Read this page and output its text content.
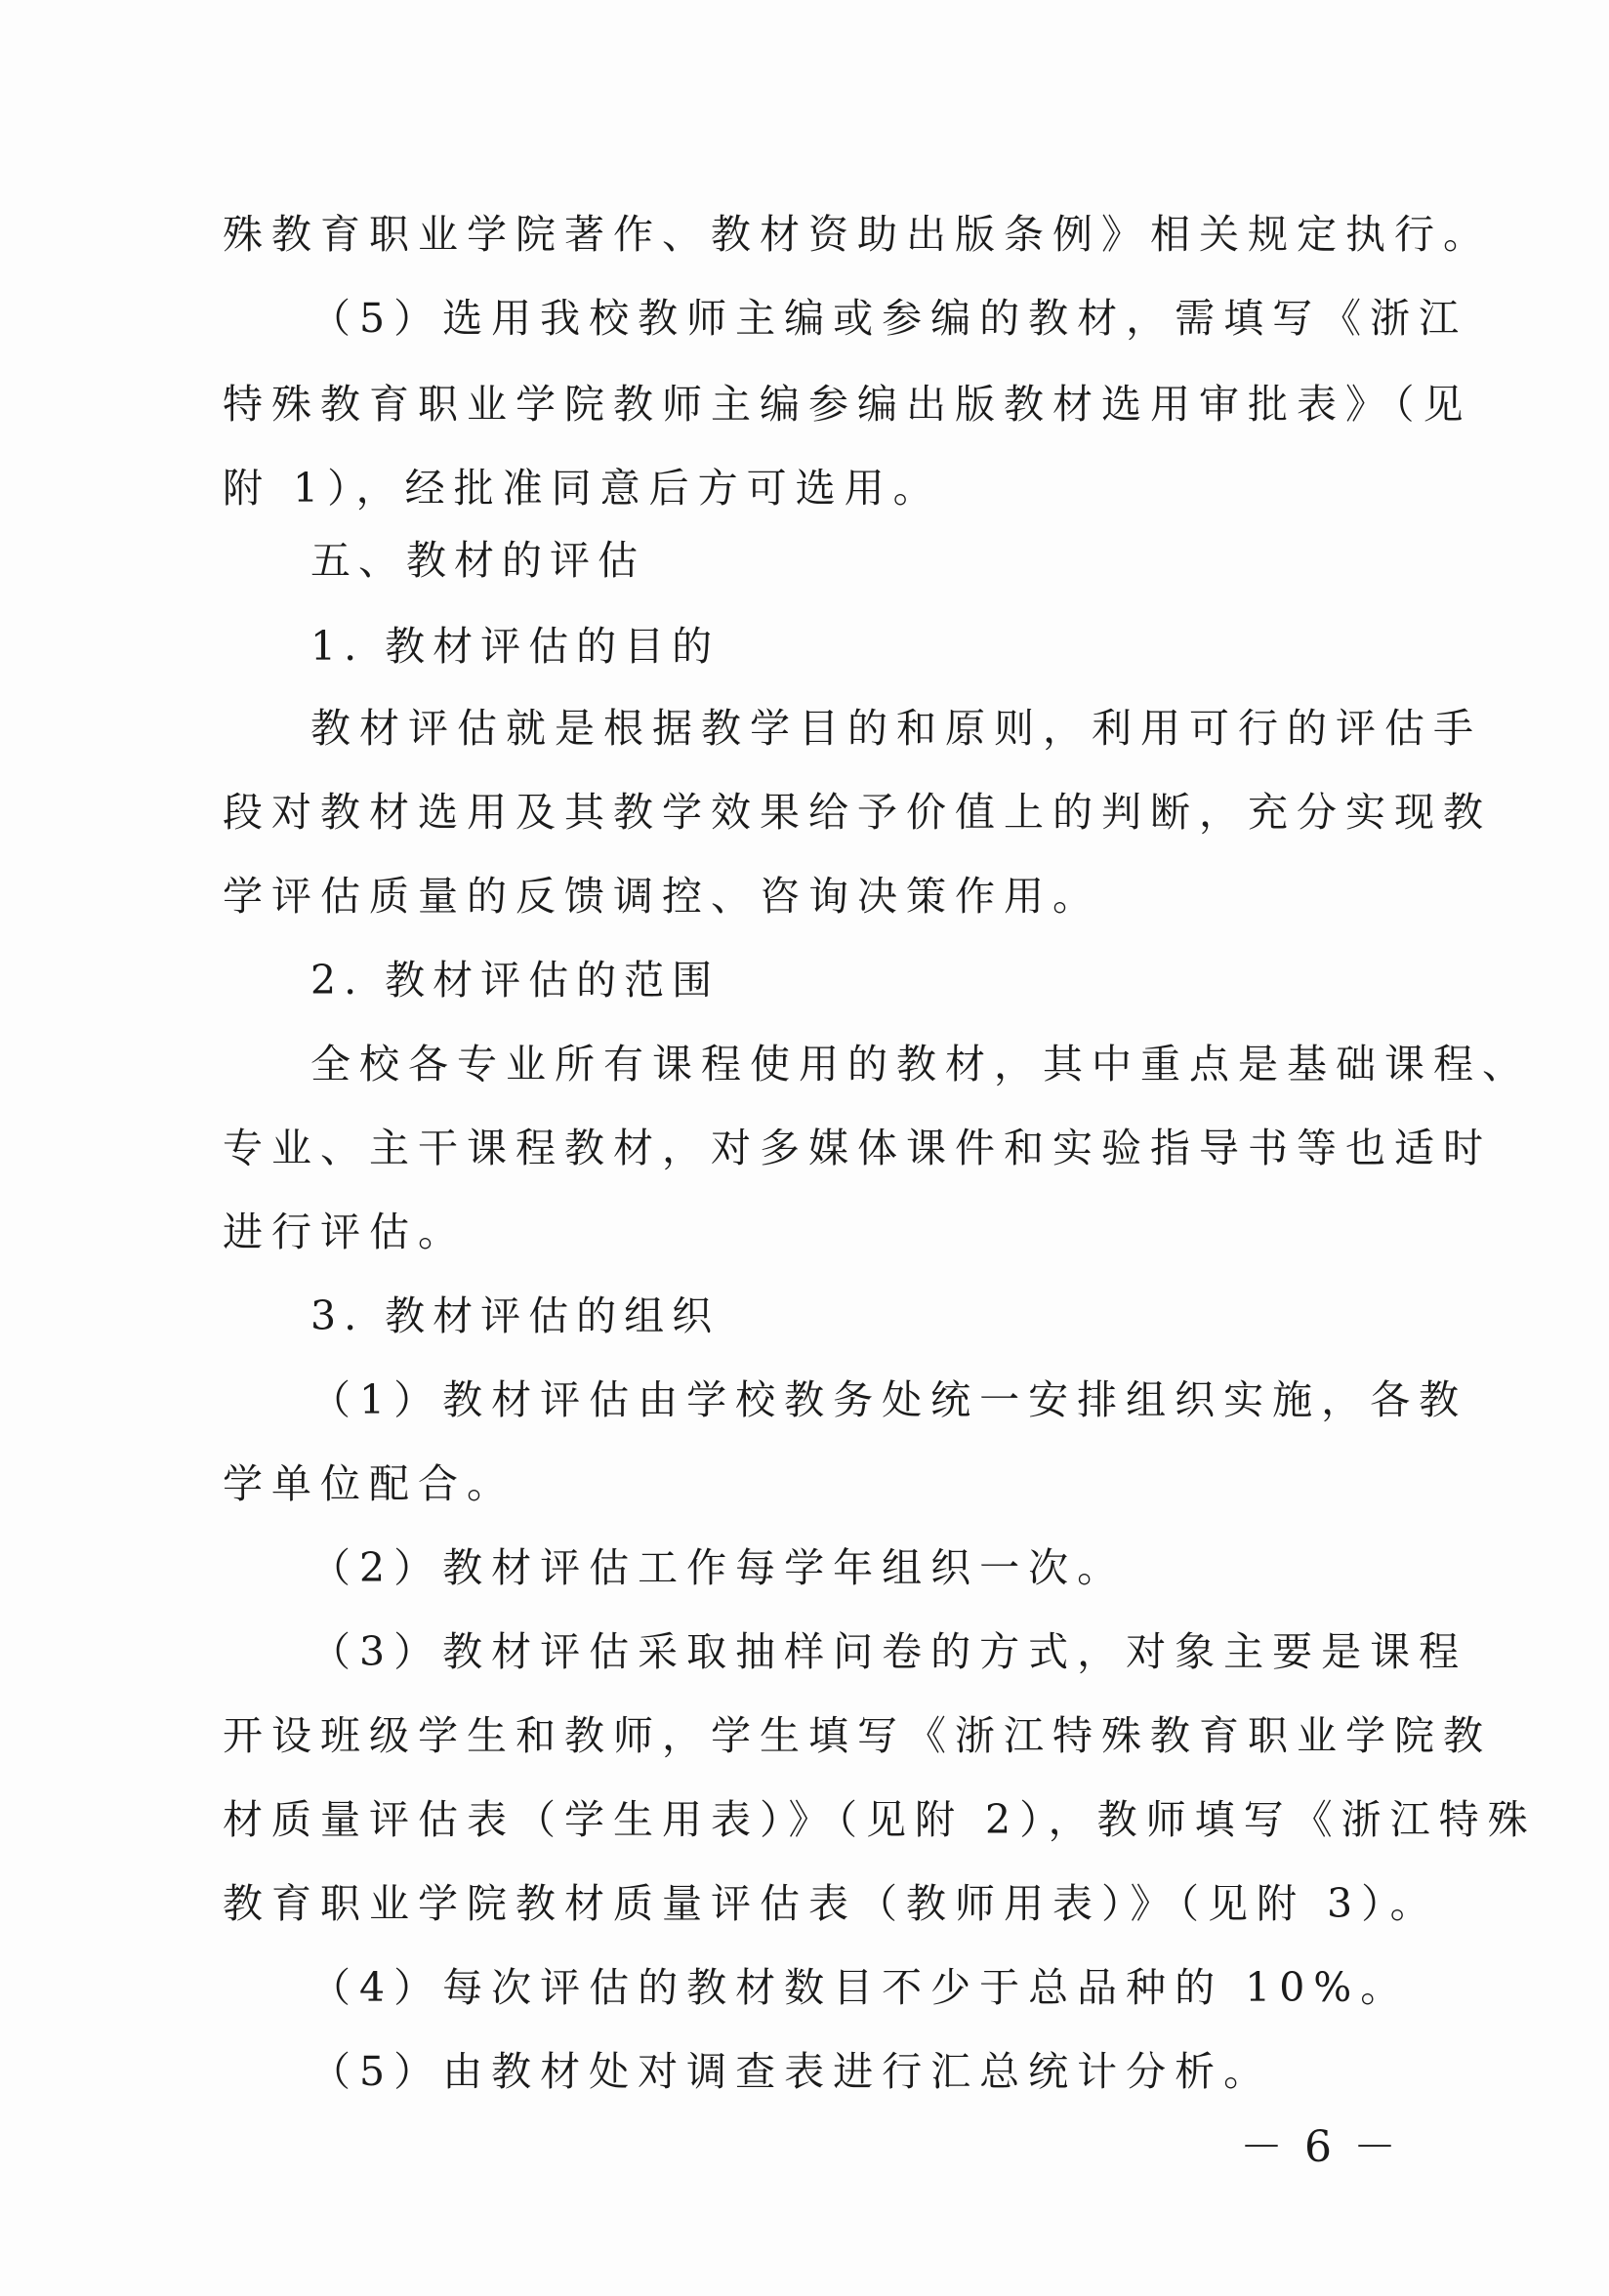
殊教育职业学院著作、教材资助出版条例》相关规定执行。
（5）选用我校教师主编或参编的教材，需填写《浙江
特殊教育职业学院教师主编参编出版教材选用审批表》（见
附 1），经批准同意后方可选用。
五、教材的评估
1. 教材评估的目的
教材评估就是根据教学目的和原则，利用可行的评估手
段对教材选用及其教学效果给予价值上的判断，充分实现教
学评估质量的反馈调控、咨询决策作用。
2. 教材评估的范围
全校各专业所有课程使用的教材，其中重点是基础课程、
专业、主干课程教材，对多媒体课件和实验指导书等也适时
进行评估。
3. 教材评估的组织
（1）教材评估由学校教务处统一安排组织实施，各教
学单位配合。
（2）教材评估工作每学年组织一次。
（3）教材评估采取抽样问卷的方式，对象主要是课程
开设班级学生和教师，学生填写《浙江特殊教育职业学院教
材质量评估表（学生用表）》（见附 2），教师填写《浙江特殊
教育职业学院教材质量评估表（教师用表）》（见附 3）。
（4）每次评估的教材数目不少于总品种的 10%。
（5）由教材处对调查表进行汇总统计分析。
－ 6 －
